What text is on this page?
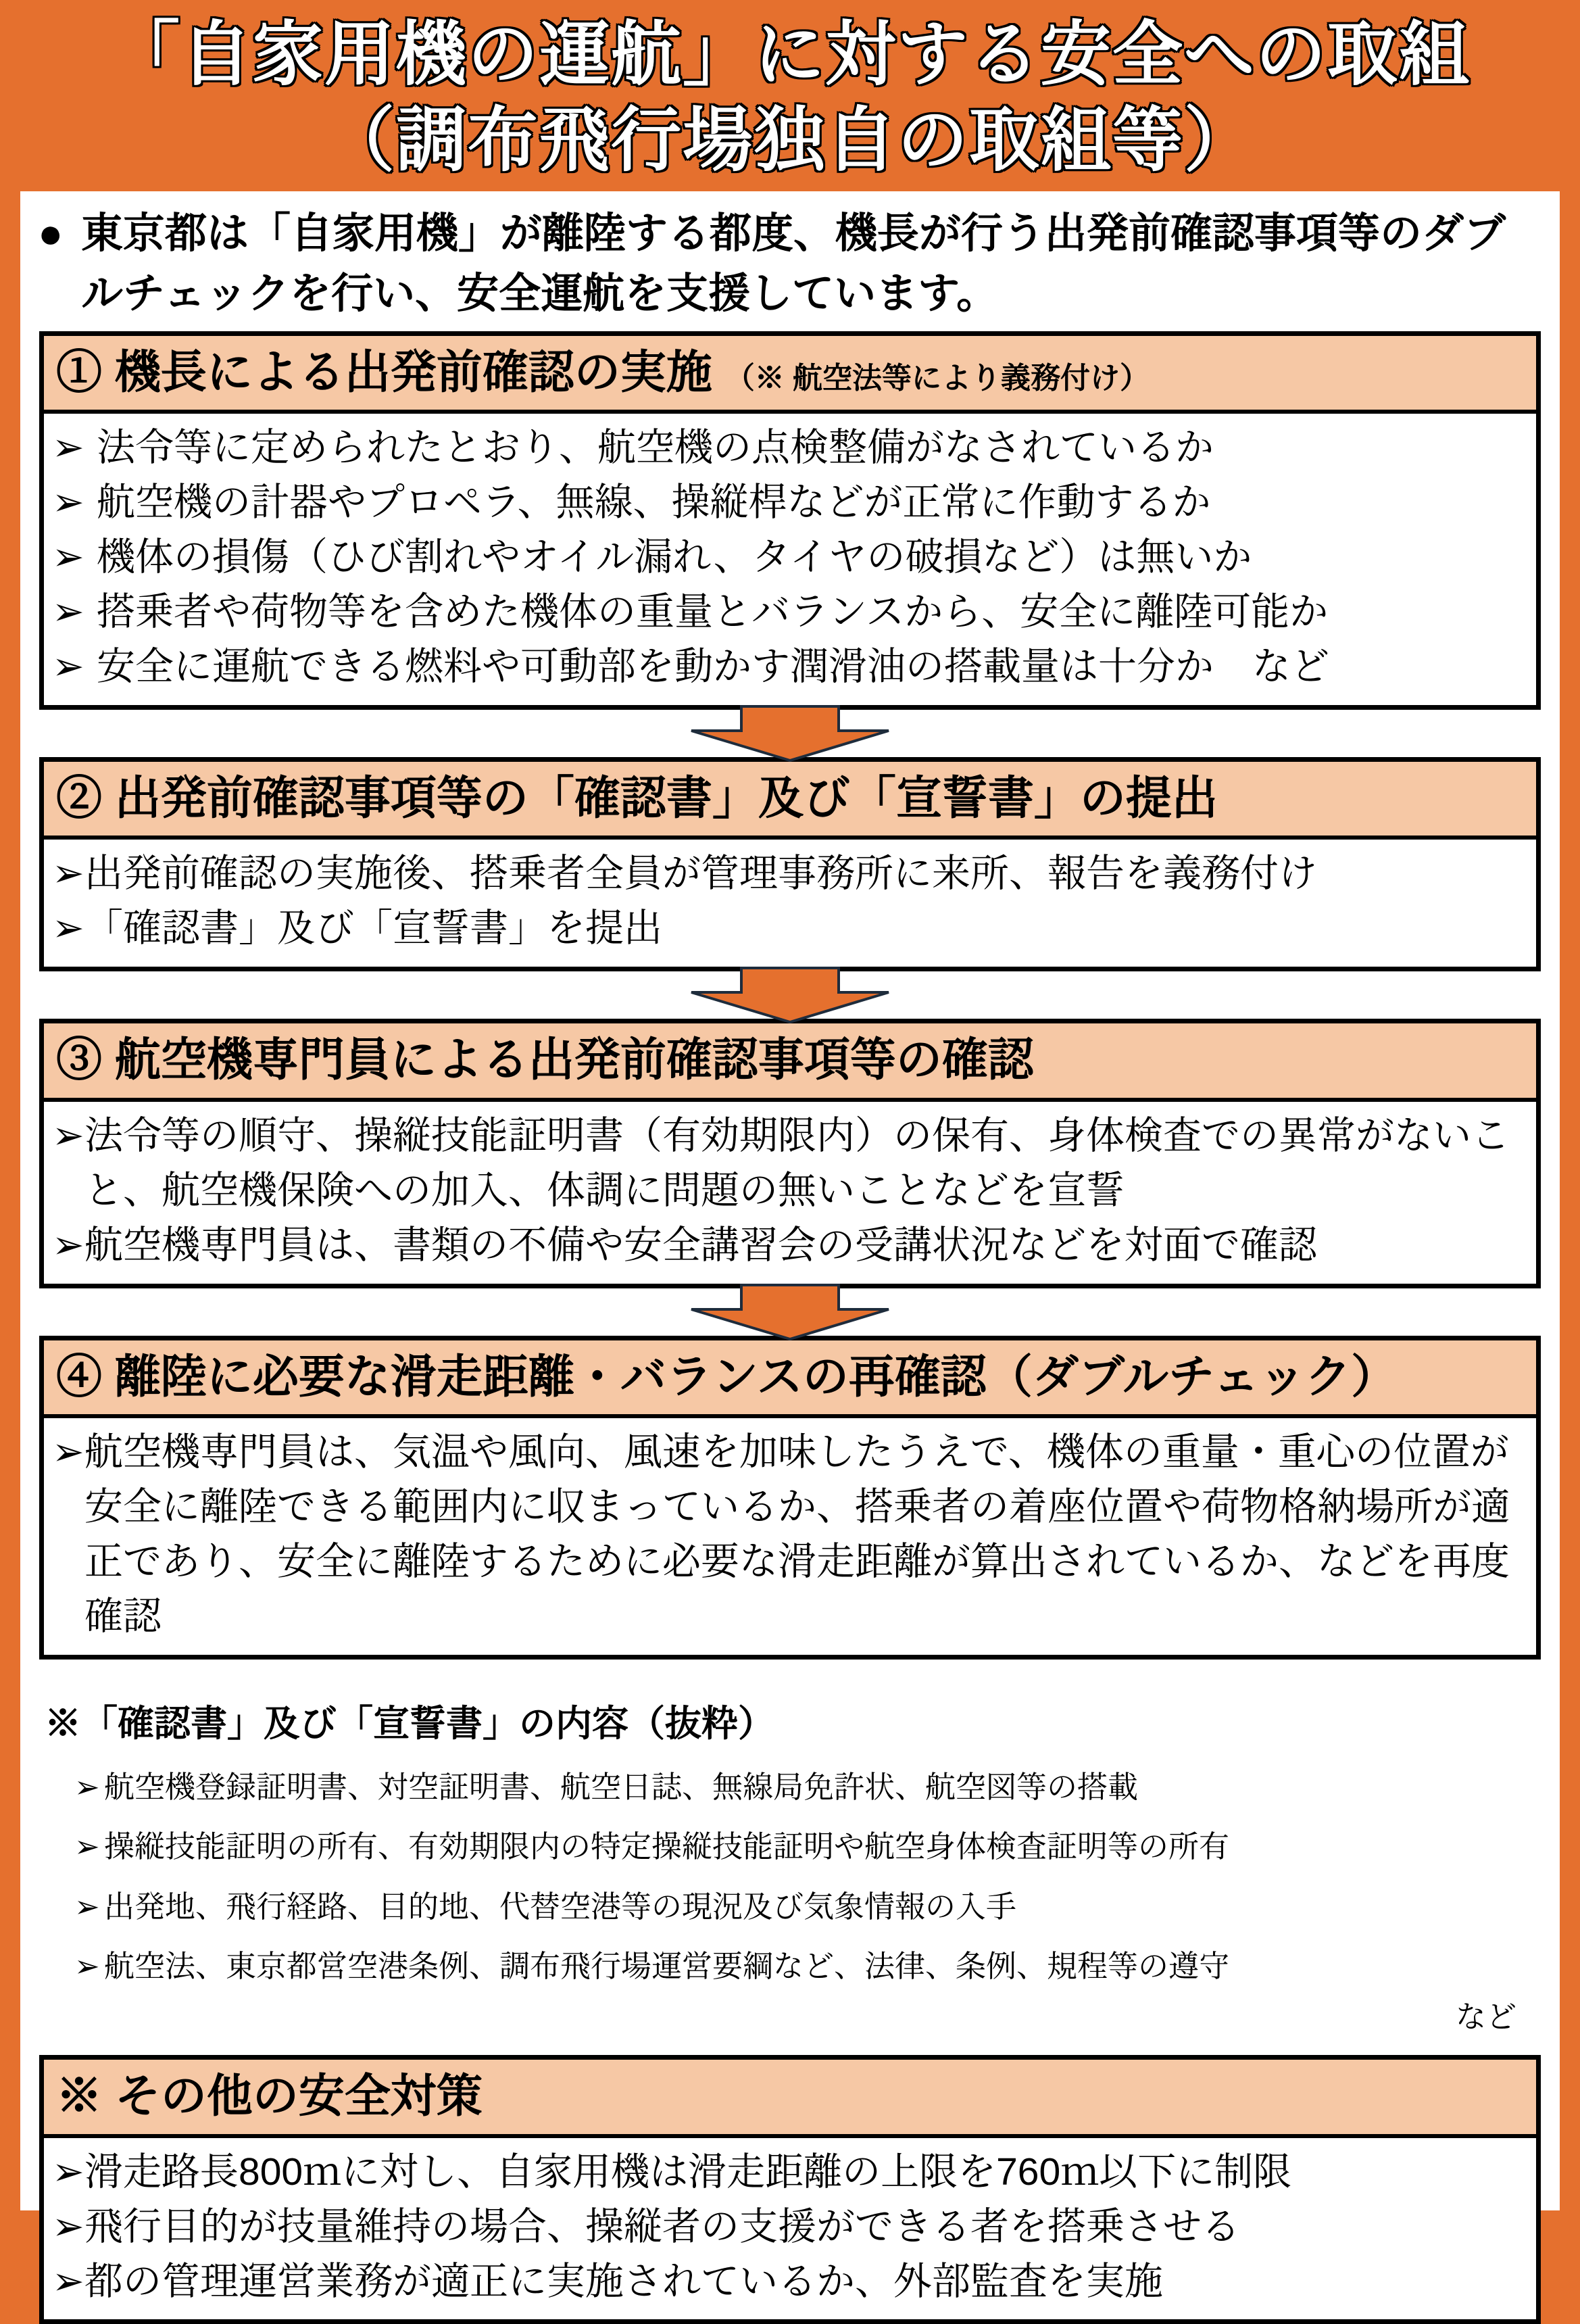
「自家用機の運航」に対する安全への取組
（調布飛行場独自の取組等）
● 東京都は「自家用機」が離陸する都度、機長が行う出発前確認事項等のダブルチェックを行い、安全運航を支援しています。
① 機長による出発前確認の実施 （※ 航空法等により義務付け）
➢ 法令等に定められたとおり、航空機の点検整備がなされているか
➢ 航空機の計器やプロペラ、無線、操縦桿などが正常に作動するか
➢ 機体の損傷（ひび割れやオイル漏れ、タイヤの破損など）は無いか
➢ 搭乗者や荷物等を含めた機体の重量とバランスから、安全に離陸可能か
➢ 安全に運航できる燃料や可動部を動かす潤滑油の搭載量は十分か　など
② 出発前確認事項等の「確認書」及び「宣誓書」の提出
➢出発前確認の実施後、搭乗者全員が管理事務所に来所、報告を義務付け
➢「確認書」及び「宣誓書」を提出
③ 航空機専門員による出発前確認事項等の確認
➢法令等の順守、操縦技能証明書（有効期限内）の保有、身体検査での異常がないこと、航空機保険への加入、体調に問題の無いことなどを宣誓
➢航空機専門員は、書類の不備や安全講習会の受講状況などを対面で確認
④ 離陸に必要な滑走距離・バランスの再確認（ダブルチェック）
➢航空機専門員は、気温や風向、風速を加味したうえで、機体の重量・重心の位置が安全に離陸できる範囲内に収まっているか、搭乗者の着座位置や荷物格納場所が適正であり、安全に離陸するために必要な滑走距離が算出されているか、などを再度確認
※「確認書」及び「宣誓書」の内容（抜粋）
➢ 航空機登録証明書、対空証明書、航空日誌、無線局免許状、航空図等の搭載
➢ 操縦技能証明の所有、有効期限内の特定操縦技能証明や航空身体検査証明等の所有
➢ 出発地、飛行経路、目的地、代替空港等の現況及び気象情報の入手
➢ 航空法、東京都営空港条例、調布飛行場運営要綱など、法律、条例、規程等の遵守
など
※ その他の安全対策
➢滑走路長800ｍに対し、自家用機は滑走距離の上限を760ｍ以下に制限
➢飛行目的が技量維持の場合、操縦者の支援ができる者を搭乗させる
➢都の管理運営業務が適正に実施されているか、外部監査を実施
